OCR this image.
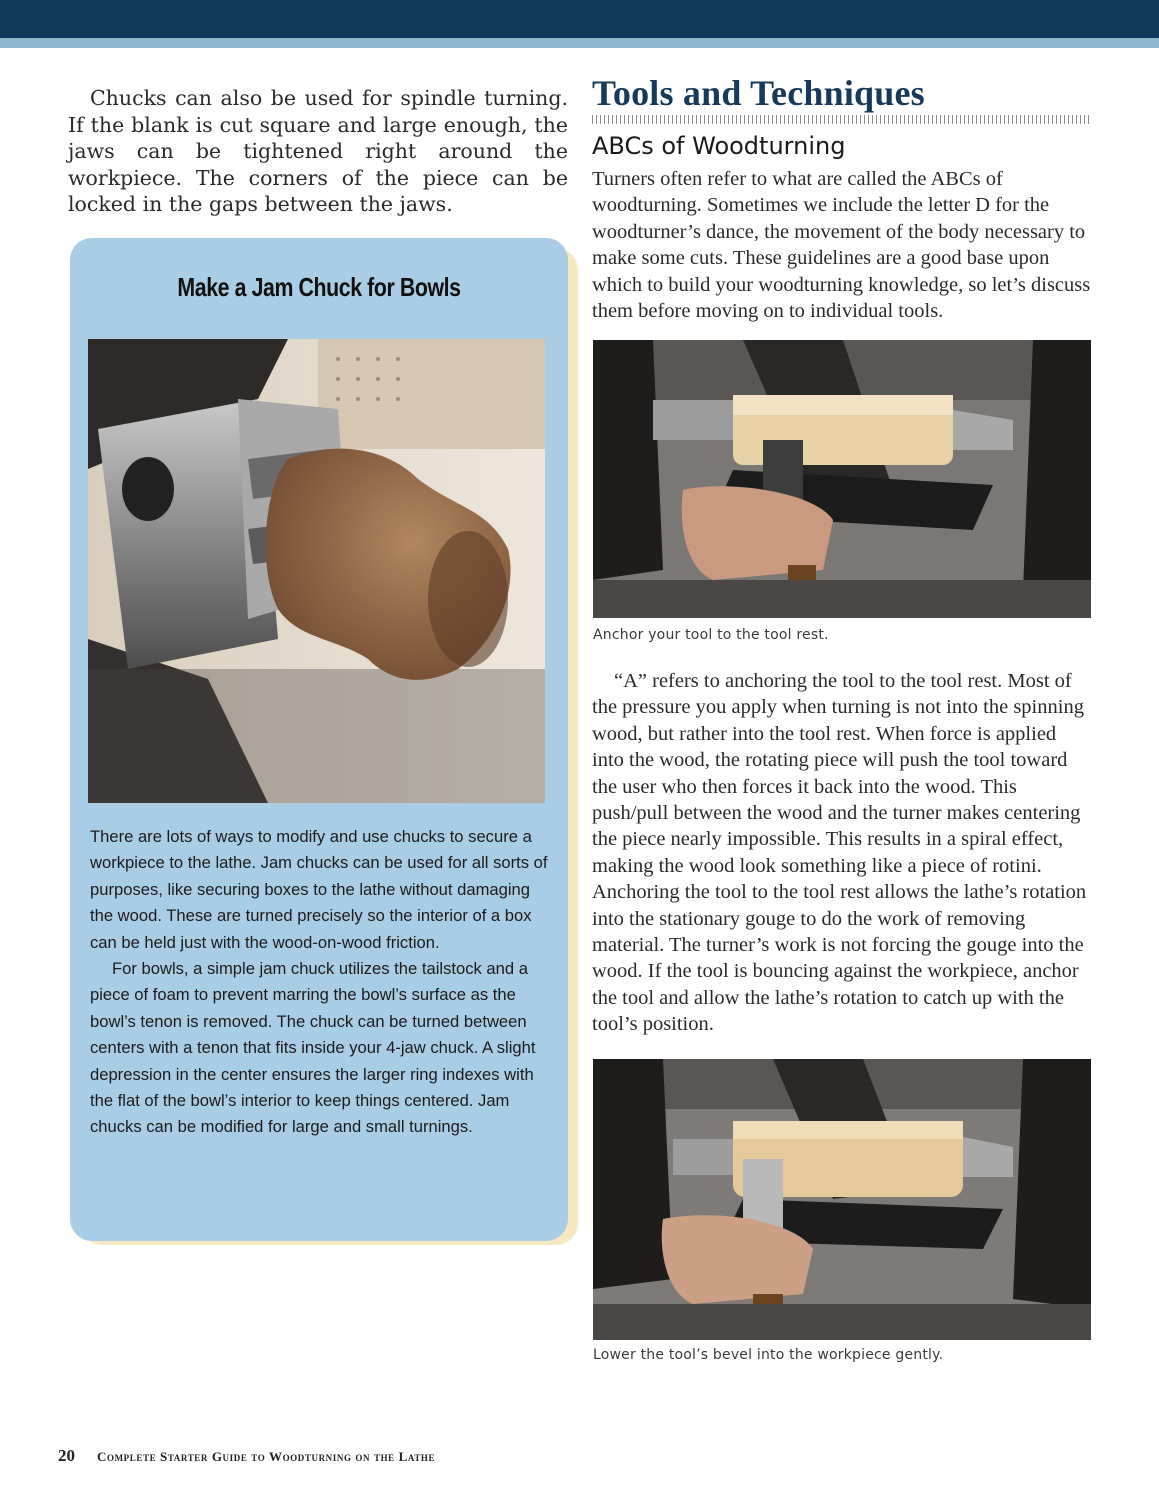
Chucks can also be used for spindle turning. If the blank is cut square and large enough, the jaws can be tightened right around the workpiece. The corners of the piece can be locked in the gaps between the jaws.

Make a Jam Chuck for Bowls

There are lots of ways to modify and use chucks to secure a workpiece to the lathe. Jam chucks can be used for all sorts of purposes, like securing boxes to the lathe without damaging the wood. These are turned precisely so the interior of a box can be held just with the wood-on-wood friction.

For bowls, a simple jam chuck utilizes the tailstock and a piece of foam to prevent marring the bowl’s surface as the bowl’s tenon is removed. The chuck can be turned between centers with a tenon that fits inside your 4-jaw chuck. A slight depression in the center ensures the larger ring indexes with the flat of the bowl’s interior to keep things centered. Jam chucks can be modified for large and small turnings.

Tools and Techniques
ABCs of Woodturning

Turners often refer to what are called the ABCs of woodturning. Sometimes we include the letter D for the woodturner’s dance, the movement of the body necessary to make some cuts. These guidelines are a good base upon which to build your woodturning knowledge, so let’s discuss them before moving on to individual tools.

Anchor your tool to the tool rest.

“A” refers to anchoring the tool to the tool rest. Most of the pressure you apply when turning is not into the spinning wood, but rather into the tool rest. When force is applied into the wood, the rotating piece will push the tool toward the user who then forces it back into the wood. This push/pull between the wood and the turner makes centering the piece nearly impossible. This results in a spiral effect, making the wood look something like a piece of rotini. Anchoring the tool to the tool rest allows the lathe’s rotation into the stationary gouge to do the work of removing material. The turner’s work is not forcing the gouge into the wood. If the tool is bouncing against the workpiece, anchor the tool and allow the lathe’s rotation to catch up with the tool’s position.

Lower the tool’s bevel into the workpiece gently.
20 Complete Starter Guide to Woodturning on the Lathe
